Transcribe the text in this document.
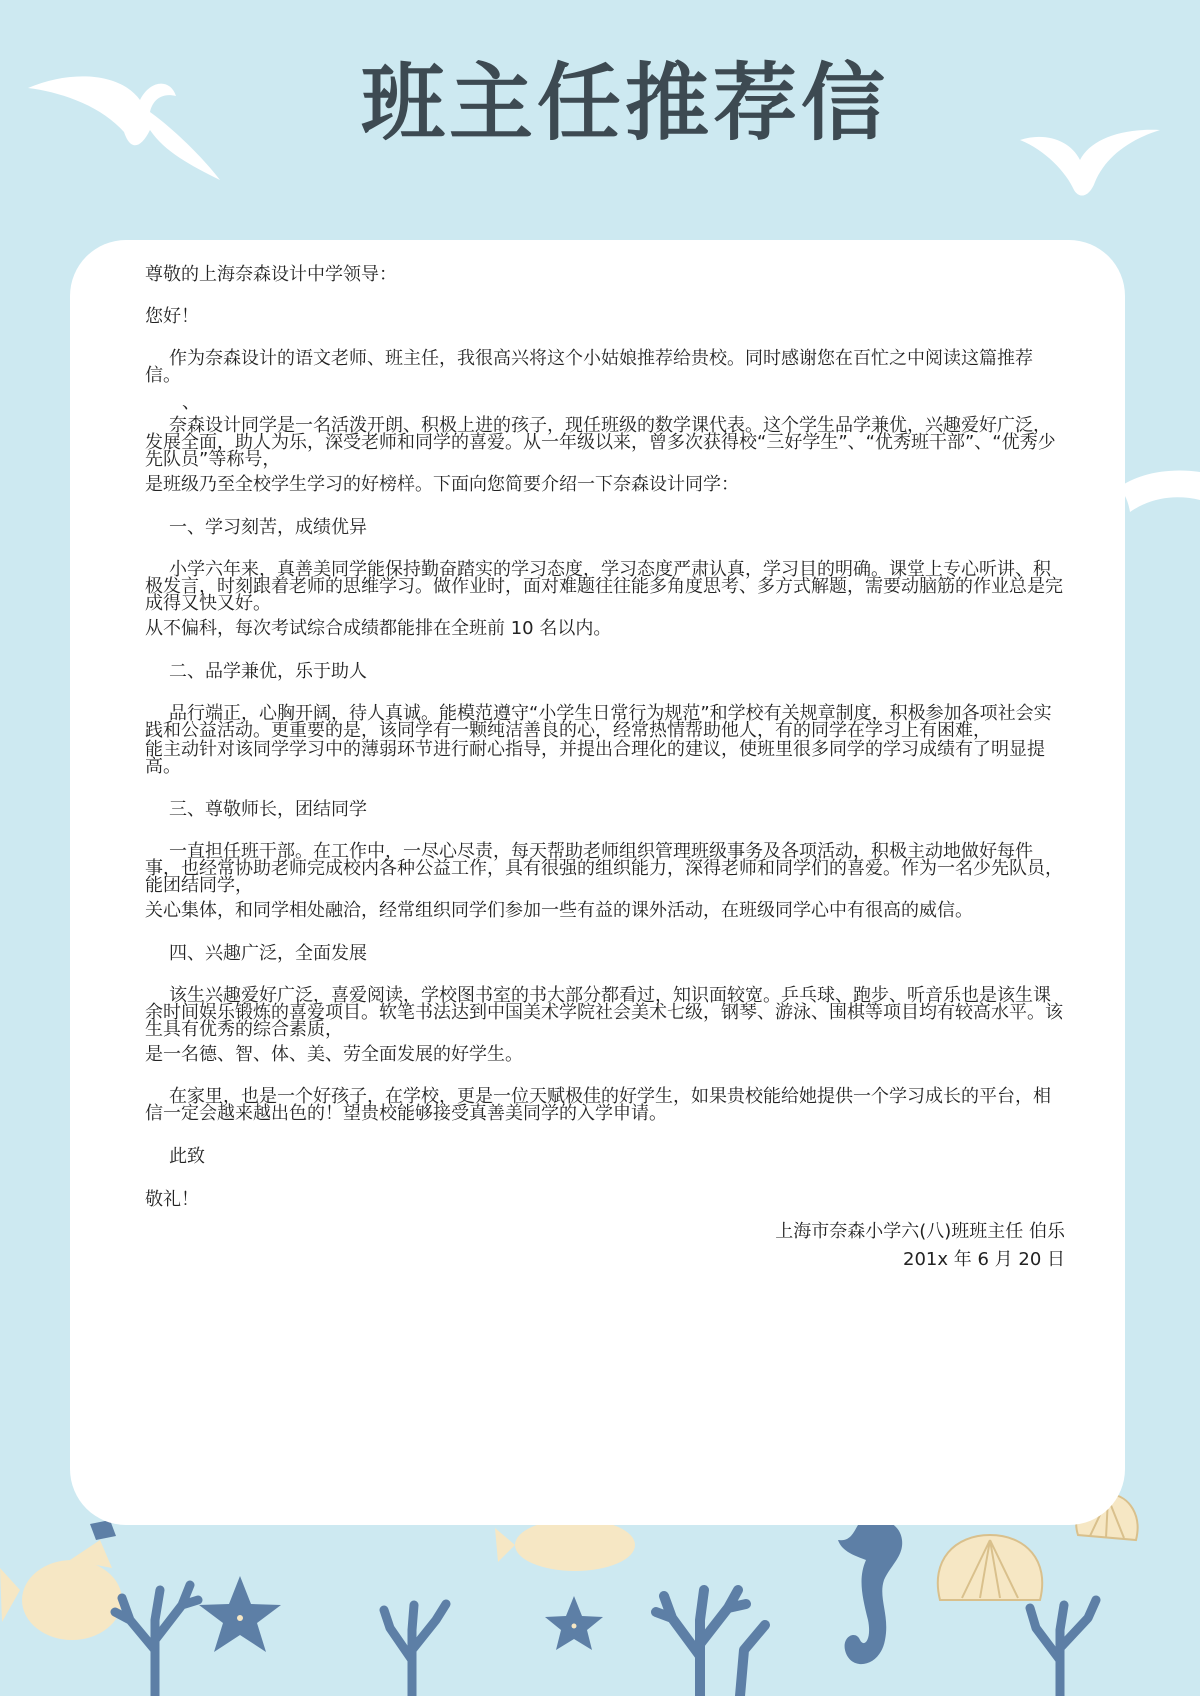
班主任推荐信

尊敬的上海奈森设计中学领导：

您好！

作为奈森设计的语文老师、班主任，我很高兴将这个小姑娘推荐给贵校。同时感谢您在百忙之中阅读这篇推荐信。

、

奈森设计同学是一名活泼开朗、积极上进的孩子，现任班级的数学课代表。这个学生品学兼优，兴趣爱好广泛，发展全面，助人为乐，深受老师和同学的喜爱。从一年级以来，曾多次获得校“三好学生”、“优秀班干部”、“优秀少先队员”等称号，

是班级乃至全校学生学习的好榜样。下面向您简要介绍一下奈森设计同学：

一、学习刻苦，成绩优异

小学六年来，真善美同学能保持勤奋踏实的学习态度，学习态度严肃认真，学习目的明确。课堂上专心听讲、积极发言，时刻跟着老师的思维学习。做作业时，面对难题往往能多角度思考、多方式解题，需要动脑筋的作业总是完成得又快又好。

从不偏科，每次考试综合成绩都能排在全班前 10 名以内。

二、品学兼优，乐于助人

品行端正，心胸开阔，待人真诚。能模范遵守“小学生日常行为规范”和学校有关规章制度，积极参加各项社会实践和公益活动。更重要的是，该同学有一颗纯洁善良的心，经常热情帮助他人，有的同学在学习上有困难，

能主动针对该同学学习中的薄弱环节进行耐心指导，并提出合理化的建议，使班里很多同学的学习成绩有了明显提高。

三、尊敬师长，团结同学

一直担任班干部。在工作中，一尽心尽责，每天帮助老师组织管理班级事务及各项活动，积极主动地做好每件事，也经常协助老师完成校内各种公益工作，具有很强的组织能力，深得老师和同学们的喜爱。作为一名少先队员，能团结同学，

关心集体，和同学相处融洽，经常组织同学们参加一些有益的课外活动，在班级同学心中有很高的威信。

四、兴趣广泛，全面发展

该生兴趣爱好广泛，喜爱阅读，学校图书室的书大部分都看过，知识面较宽。乒乓球、跑步、听音乐也是该生课余时间娱乐锻炼的喜爱项目。软笔书法达到中国美术学院社会美术七级，钢琴、游泳、围棋等项目均有较高水平。该生具有优秀的综合素质，

是一名德、智、体、美、劳全面发展的好学生。

在家里，也是一个好孩子，在学校，更是一位天赋极佳的好学生，如果贵校能给她提供一个学习成长的平台，相信一定会越来越出色的！望贵校能够接受真善美同学的入学申请。

此致

敬礼！

上海市奈森小学六(八)班班主任 伯乐

201x 年 6 月 20 日
